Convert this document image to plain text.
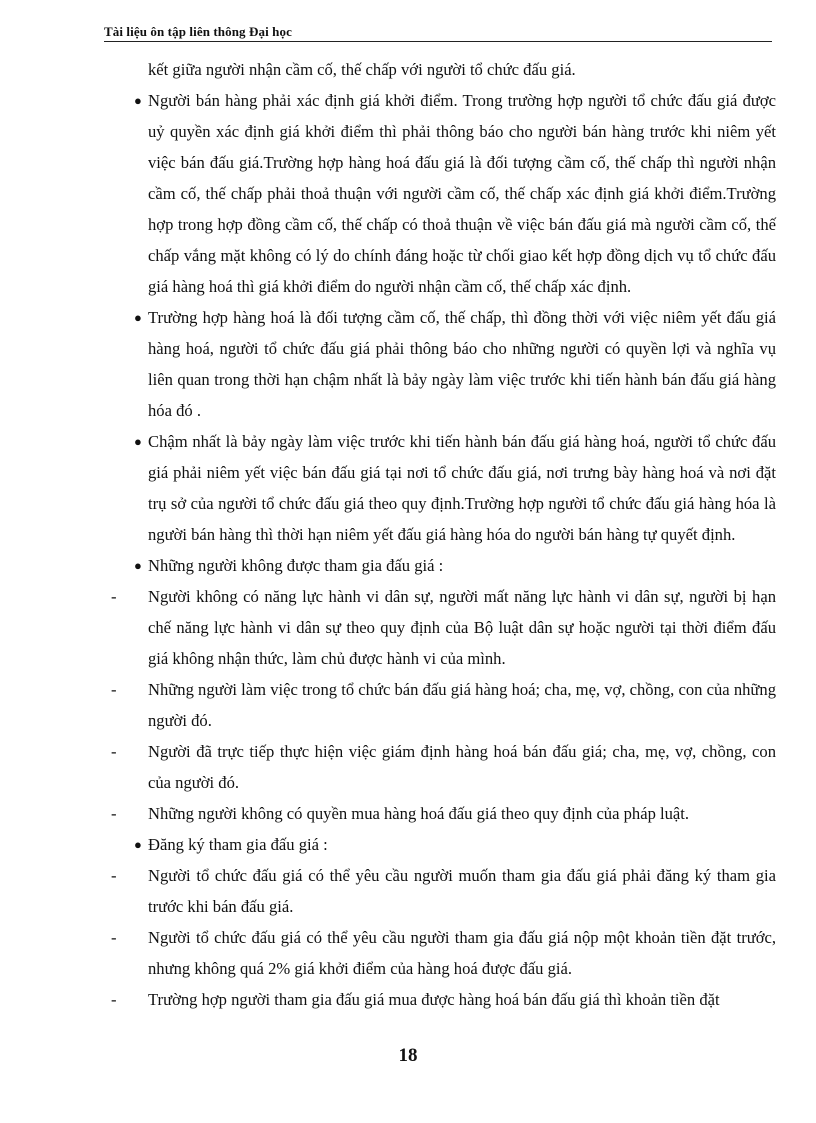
Tài liệu ôn tập liên thông Đại học
kết giữa người nhận cầm cố, thế chấp với người tổ chức đấu giá.
● Người bán hàng phải xác định giá khởi điểm. Trong trường hợp người tổ chức đấu giá được uỷ quyền xác định giá khởi điểm thì phải thông báo cho người bán hàng trước khi niêm yết việc bán đấu giá.Trường hợp hàng hoá đấu giá là đối tượng cầm cố, thế chấp thì người nhận cầm cố, thế chấp phải thoả thuận với người cầm cố, thế chấp xác định giá khởi điểm.Trường hợp trong hợp đồng cầm cố, thế chấp có thoả thuận về việc bán đấu giá mà người cầm cố, thế chấp vắng mặt không có lý do chính đáng hoặc từ chối giao kết hợp đồng dịch vụ tổ chức đấu giá hàng hoá thì giá khởi điểm do người nhận cầm cố, thế chấp xác định.
● Trường hợp hàng hoá là đối tượng cầm cố, thế chấp, thì đồng thời với việc niêm yết đấu giá hàng hoá, người tổ chức đấu giá phải thông báo cho những người có quyền lợi và nghĩa vụ liên quan trong thời hạn chậm nhất là bảy ngày làm việc trước khi tiến hành bán đấu giá hàng hóa đó .
● Chậm nhất là bảy ngày làm việc trước khi tiến hành bán đấu giá hàng hoá, người tổ chức đấu giá phải niêm yết việc bán đấu giá tại nơi tổ chức đấu giá, nơi trưng bày hàng hoá và nơi đặt trụ sở của người tổ chức đấu giá theo quy định.Trường hợp người tổ chức đấu giá hàng hóa là người bán hàng thì thời hạn niêm yết đấu giá hàng hóa do người bán hàng tự quyết định.
● Những người không được tham gia đấu giá :
-	Người không có năng lực hành vi dân sự, người mất năng lực hành vi dân sự, người bị hạn chế năng lực hành vi dân sự theo quy định của Bộ luật dân sự hoặc người tại thời điểm đấu giá không nhận thức, làm chủ được hành vi của mình.
-	Những người làm việc trong tổ chức bán đấu giá hàng hoá; cha, mẹ, vợ, chồng, con của những người đó.
-	Người đã trực tiếp thực hiện việc giám định hàng hoá bán đấu giá; cha, mẹ, vợ, chồng, con của người đó.
-	Những người không có quyền mua hàng hoá đấu giá theo quy định của pháp luật.
● Đăng ký tham gia đấu giá :
-	Người tổ chức đấu giá có thể yêu cầu người muốn tham gia đấu giá phải đăng ký tham gia trước khi bán đấu giá.
-	Người tổ chức đấu giá có thể yêu cầu người tham gia đấu giá nộp một khoản tiền đặt trước, nhưng không quá 2% giá khởi điểm của hàng hoá được đấu giá.
-	Trường hợp người tham gia đấu giá mua được hàng hoá bán đấu giá thì khoản tiền đặt
18
